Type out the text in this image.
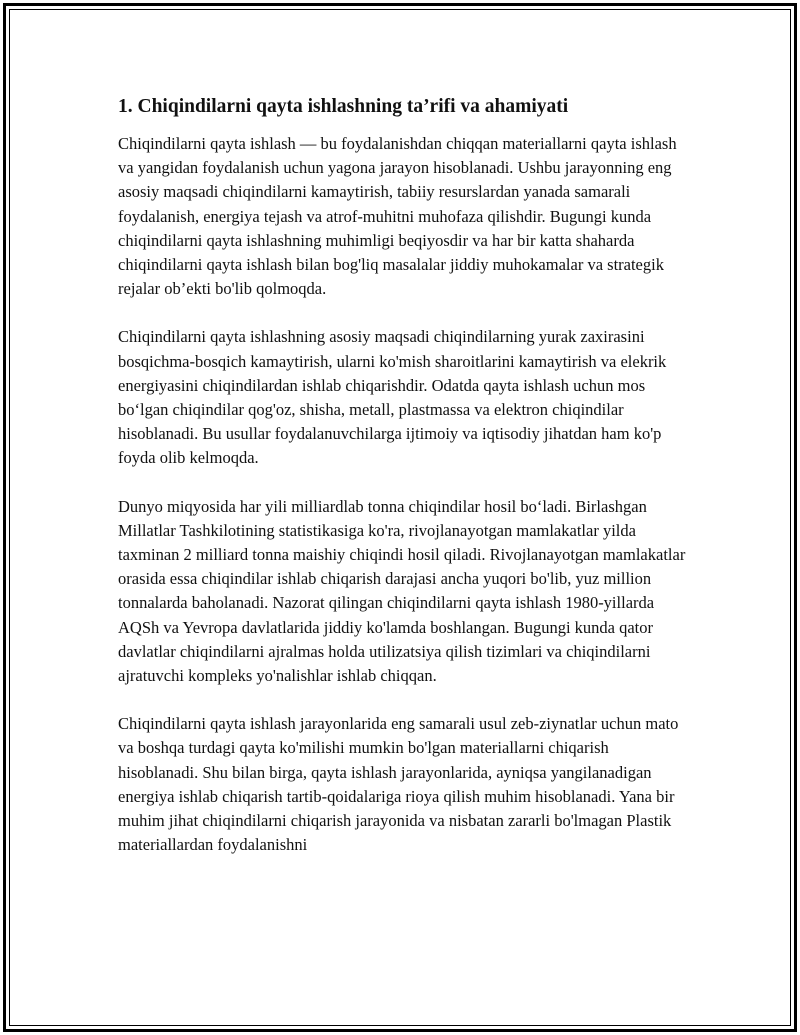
1. Chiqindilarni qayta ishlashning ta’rifi va ahamiyati

Chiqindilarni qayta ishlash — bu foydalanishdan chiqqan materiallarni qayta ishlash va yangidan foydalanish uchun yagona jarayon hisoblanadi. Ushbu jarayonning eng asosiy maqsadi chiqindilarni kamaytirish, tabiiy resurslardan yanada samarali foydalanish, energiya tejash va atrof-muhitni muhofaza qilishdir. Bugungi kunda chiqindilarni qayta ishlashning muhimligi beqiyosdir va har bir katta shaharda chiqindilarni qayta ishlash bilan bog'liq masalalar jiddiy muhokamalar va strategik rejalar ob’ekti bo'lib qolmoqda.

Chiqindilarni qayta ishlashning asosiy maqsadi chiqindilarning yurak zaxirasini bosqichma-bosqich kamaytirish, ularni ko'mish sharoitlarini kamaytirish va elekrik energiyasini chiqindilardan ishlab chiqarishdir. Odatda qayta ishlash uchun mos bo‘lgan chiqindilar qog'oz, shisha, metall, plastmassa va elektron chiqindilar hisoblanadi. Bu usullar foydalanuvchilarga ijtimoiy va iqtisodiy jihatdan ham ko'p foyda olib kelmoqda.

Dunyo miqyosida har yili milliardlab tonna chiqindilar hosil bo‘ladi. Birlashgan Millatlar Tashkilotining statistikasiga ko'ra, rivojlanayotgan mamlakatlar yilda taxminan 2 milliard tonna maishiy chiqindi hosil qiladi. Rivojlanayotgan mamlakatlar orasida essa chiqindilar ishlab chiqarish darajasi ancha yuqori bo'lib, yuz million tonnalarda baholanadi. Nazorat qilingan chiqindilarni qayta ishlash 1980-yillarda AQSh va Yevropa davlatlarida jiddiy ko'lamda boshlangan. Bugungi kunda qator davlatlar chiqindilarni ajralmas holda utilizatsiya qilish tizimlari va chiqindilarni ajratuvchi kompleks yo'nalishlar ishlab chiqqan.

Chiqindilarni qayta ishlash jarayonlarida eng samarali usul zeb-ziynatlar uchun mato va boshqa turdagi qayta ko'milishi mumkin bo'lgan materiallarni chiqarish hisoblanadi. Shu bilan birga, qayta ishlash jarayonlarida, ayniqsa yangilanadigan energiya ishlab chiqarish tartib-qoidalariga rioya qilish muhim hisoblanadi. Yana bir muhim jihat chiqindilarni chiqarish jarayonida va nisbatan zararli bo'lmagan Plastik materiallardan foydalanishni
